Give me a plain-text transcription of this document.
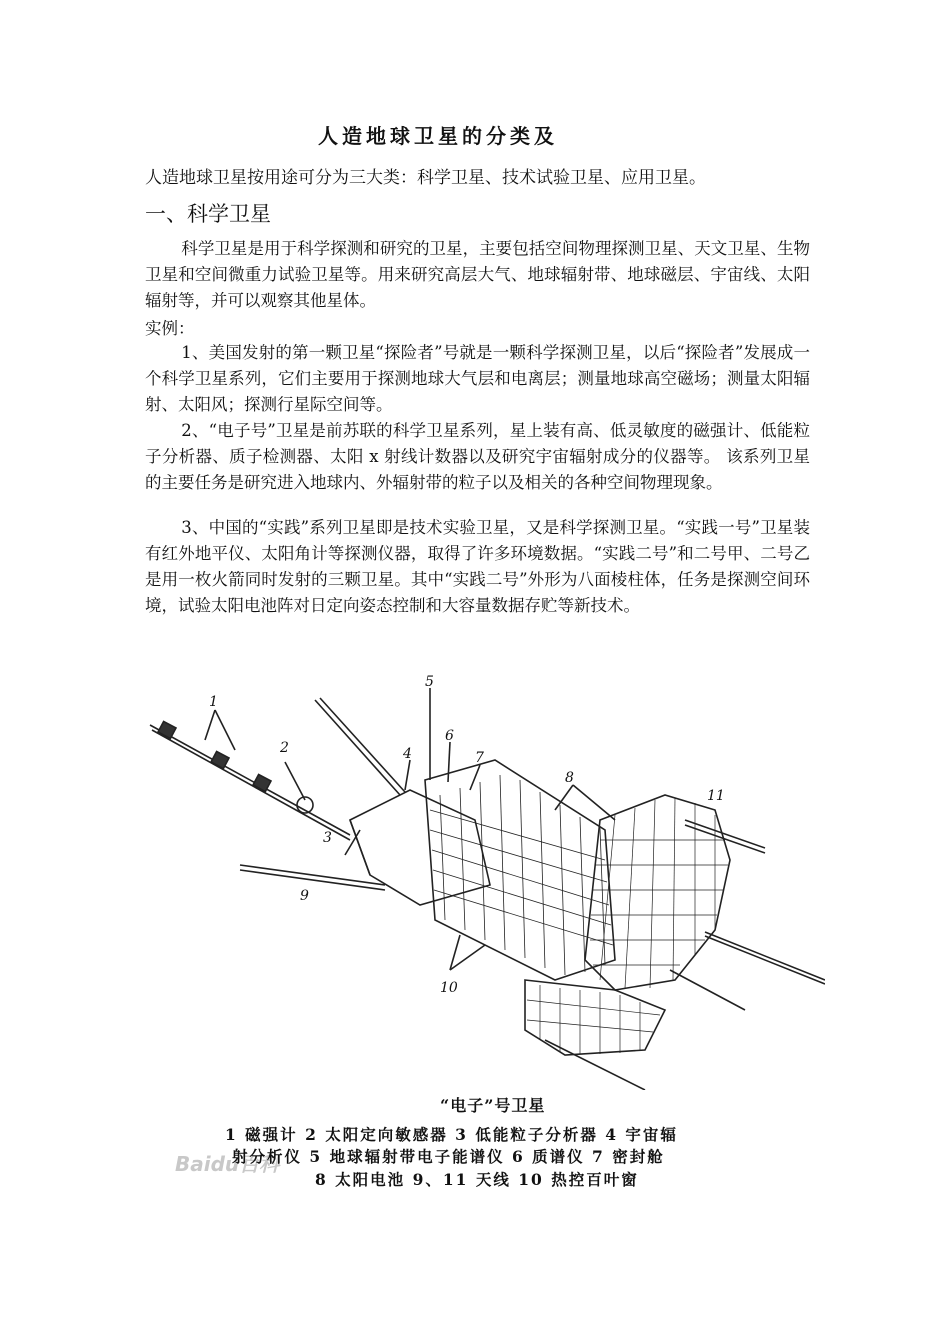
人造地球卫星的分类及
人造地球卫星按用途可分为三大类：科学卫星、技术试验卫星、应用卫星。
一、科学卫星
科学卫星是用于科学探测和研究的卫星，主要包括空间物理探测卫星、天文卫星、生物卫星和空间微重力试验卫星等。用来研究高层大气、地球辐射带、地球磁层、宇宙线、太阳辐射等，并可以观察其他星体。
实例：
1、美国发射的第一颗卫星“探险者”号就是一颗科学探测卫星，以后“探险者”发展成一个科学卫星系列，它们主要用于探测地球大气层和电离层；测量地球高空磁场；测量太阳辐射、太阳风；探测行星际空间等。
2、“电子号”卫星是前苏联的科学卫星系列，星上装有高、低灵敏度的磁强计、低能粒子分析器、质子检测器、太阳 x 射线计数器以及研究宇宙辐射成分的仪器等。 该系列卫星的主要任务是研究进入地球内、外辐射带的粒子以及相关的各种空间物理现象。
3、中国的“实践”系列卫星即是技术实验卫星，又是科学探测卫星。“实践一号”卫星装有红外地平仪、太阳角计等探测仪器，取得了许多环境数据。“实践二号”和二号甲、二号乙是用一枚火箭同时发射的三颗卫星。其中“实践二号”外形为八面棱柱体，任务是探测空间环境，试验太阳电池阵对日定向姿态控制和大容量数据存贮等新技术。
1
2
3
4
5
6
7
8
9
10
11
Baidu百科
“电子”号卫星
1 磁强计 2 太阳定向敏感器 3 低能粒子分析器 4 宇宙辐
射分析仪 5 地球辐射带电子能谱仪 6 质谱仪 7 密封舱
8 太阳电池 9、11 天线 10 热控百叶窗
